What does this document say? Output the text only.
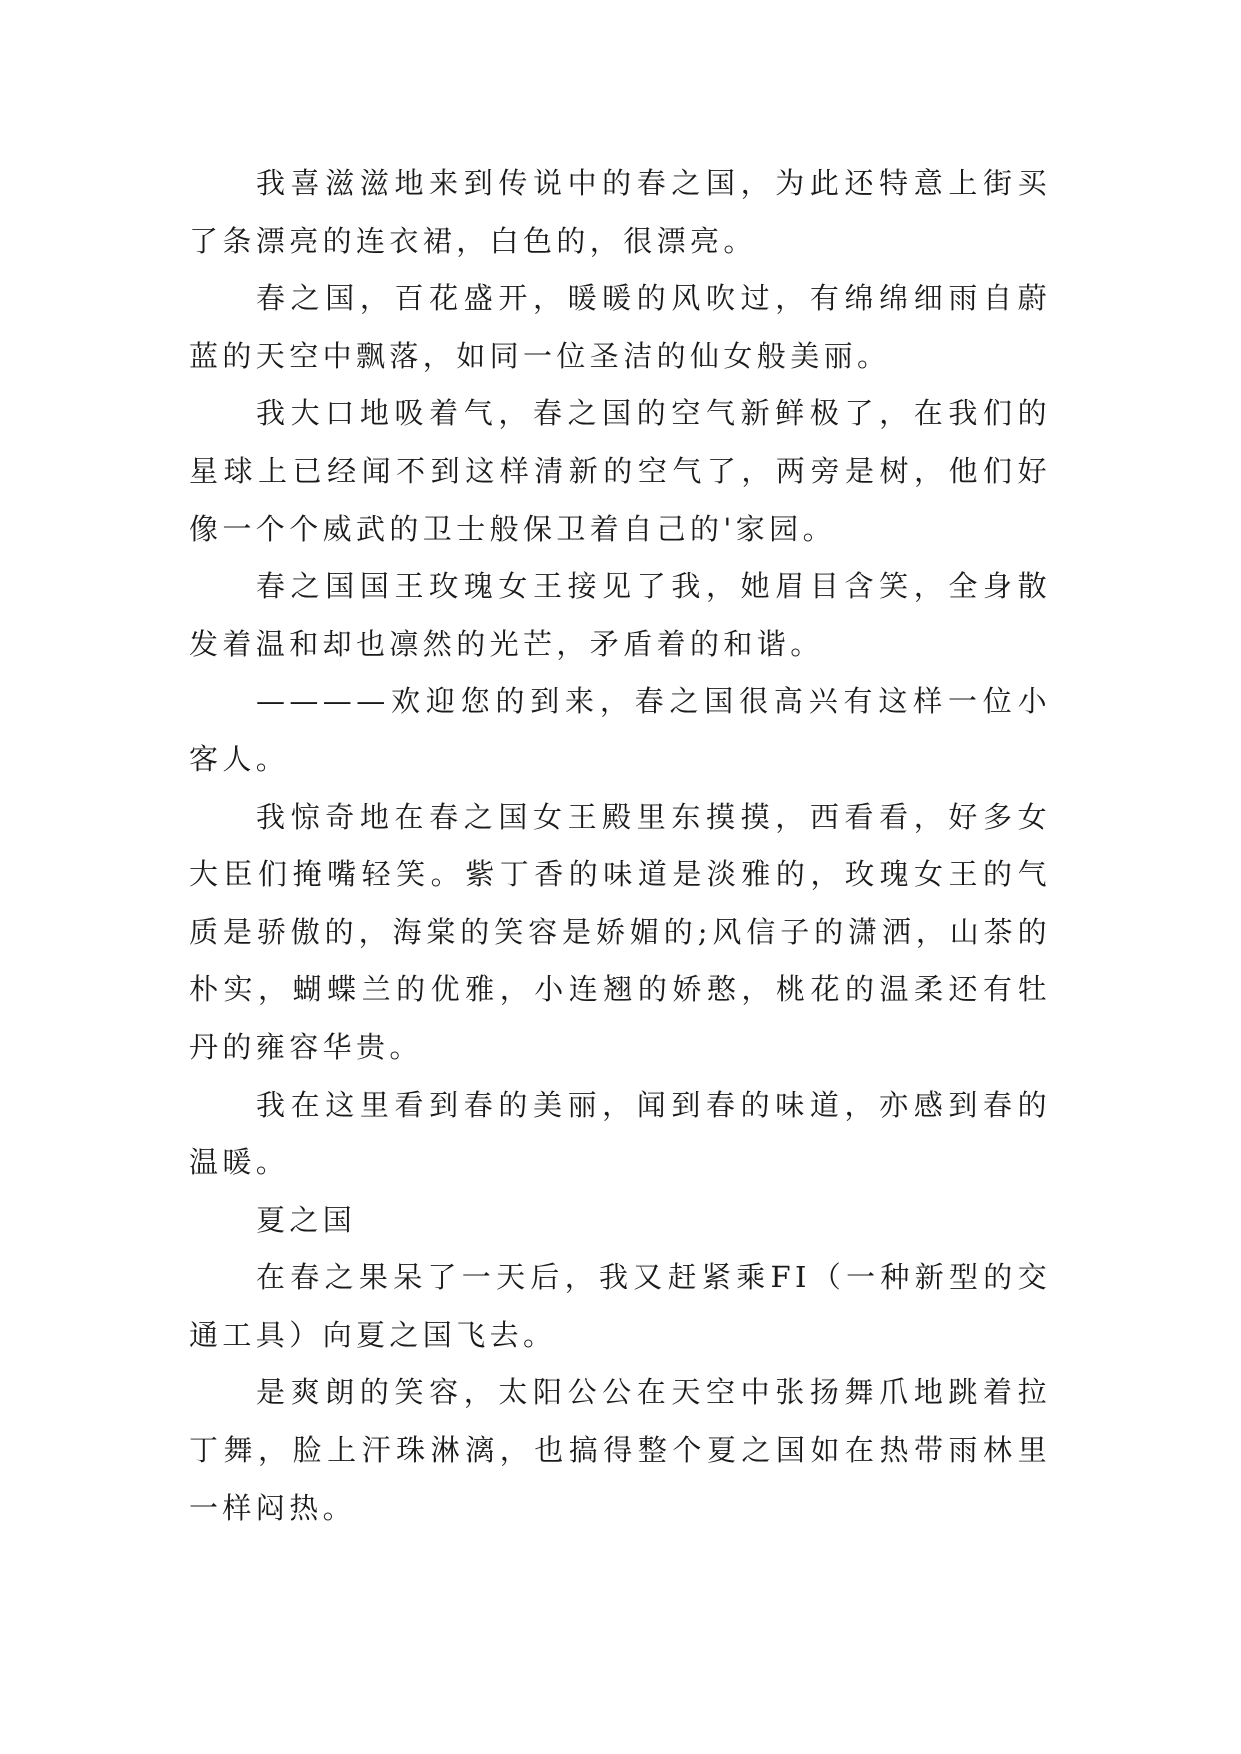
我喜滋滋地来到传说中的春之国，为此还特意上街买了条漂亮的连衣裙，白色的，很漂亮。

春之国，百花盛开，暖暖的风吹过，有绵绵细雨自蔚蓝的天空中飘落，如同一位圣洁的仙女般美丽。

我大口地吸着气，春之国的空气新鲜极了，在我们的星球上已经闻不到这样清新的空气了，两旁是树，他们好像一个个威武的卫士般保卫着自己的'家园。

春之国国王玫瑰女王接见了我，她眉目含笑，全身散发着温和却也凛然的光芒，矛盾着的和谐。

————欢迎您的到来，春之国很高兴有这样一位小客人。

我惊奇地在春之国女王殿里东摸摸，西看看，好多女大臣们掩嘴轻笑。紫丁香的味道是淡雅的，玫瑰女王的气质是骄傲的，海棠的笑容是娇媚的;风信子的潇洒，山茶的朴实，蝴蝶兰的优雅，小连翘的娇憨，桃花的温柔还有牡丹的雍容华贵。

我在这里看到春的美丽，闻到春的味道，亦感到春的温暖。

夏之国

在春之果呆了一天后，我又赶紧乘FI（一种新型的交通工具）向夏之国飞去。

是爽朗的笑容，太阳公公在天空中张扬舞爪地跳着拉丁舞，脸上汗珠淋漓，也搞得整个夏之国如在热带雨林里一样闷热。
